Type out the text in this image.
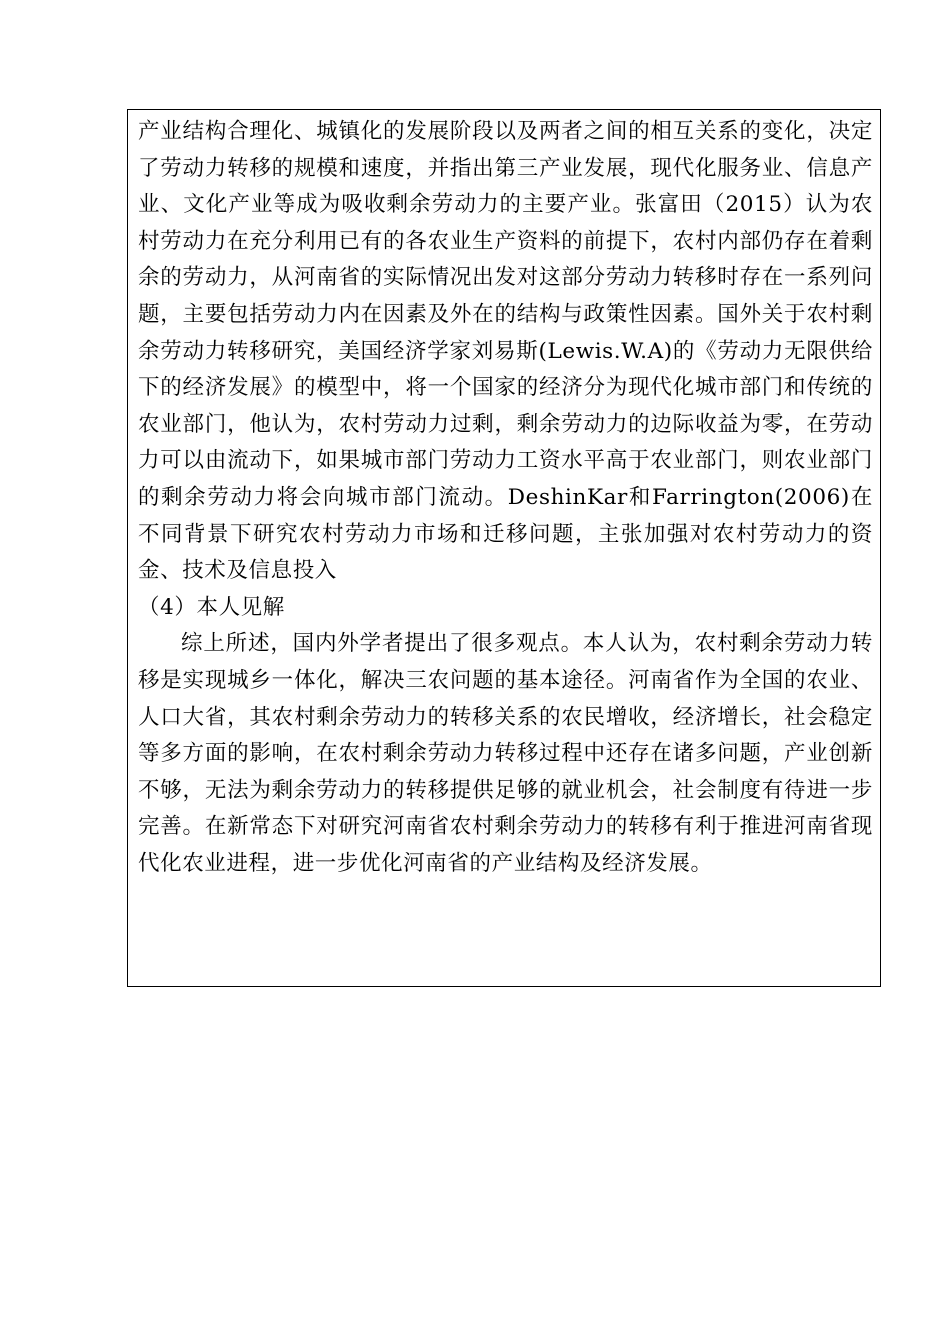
产业结构合理化、城镇化的发展阶段以及两者之间的相互关系的变化，决定了劳动力转移的规模和速度，并指出第三产业发展，现代化服务业、信息产业、文化产业等成为吸收剩余劳动力的主要产业。张富田（2015）认为农村劳动力在充分利用已有的各农业生产资料的前提下，农村内部仍存在着剩余的劳动力，从河南省的实际情况出发对这部分劳动力转移时存在一系列问题，主要包括劳动力内在因素及外在的结构与政策性因素。国外关于农村剩余劳动力转移研究，美国经济学家刘易斯(Lewis.W.A)的《劳动力无限供给下的经济发展》的模型中，将一个国家的经济分为现代化城市部门和传统的农业部门，他认为，农村劳动力过剩，剩余劳动力的边际收益为零，在劳动力可以由流动下，如果城市部门劳动力工资水平高于农业部门，则农业部门的剩余劳动力将会向城市部门流动。DeshinKar和Farrington(2006)在不同背景下研究农村劳动力市场和迁移问题，主张加强对农村劳动力的资金、技术及信息投入

（4）本人见解

综上所述，国内外学者提出了很多观点。本人认为，农村剩余劳动力转移是实现城乡一体化，解决三农问题的基本途径。河南省作为全国的农业、人口大省，其农村剩余劳动力的转移关系的农民增收，经济增长，社会稳定等多方面的影响，在农村剩余劳动力转移过程中还存在诸多问题，产业创新不够，无法为剩余劳动力的转移提供足够的就业机会，社会制度有待进一步完善。在新常态下对研究河南省农村剩余劳动力的转移有利于推进河南省现代化农业进程，进一步优化河南省的产业结构及经济发展。
